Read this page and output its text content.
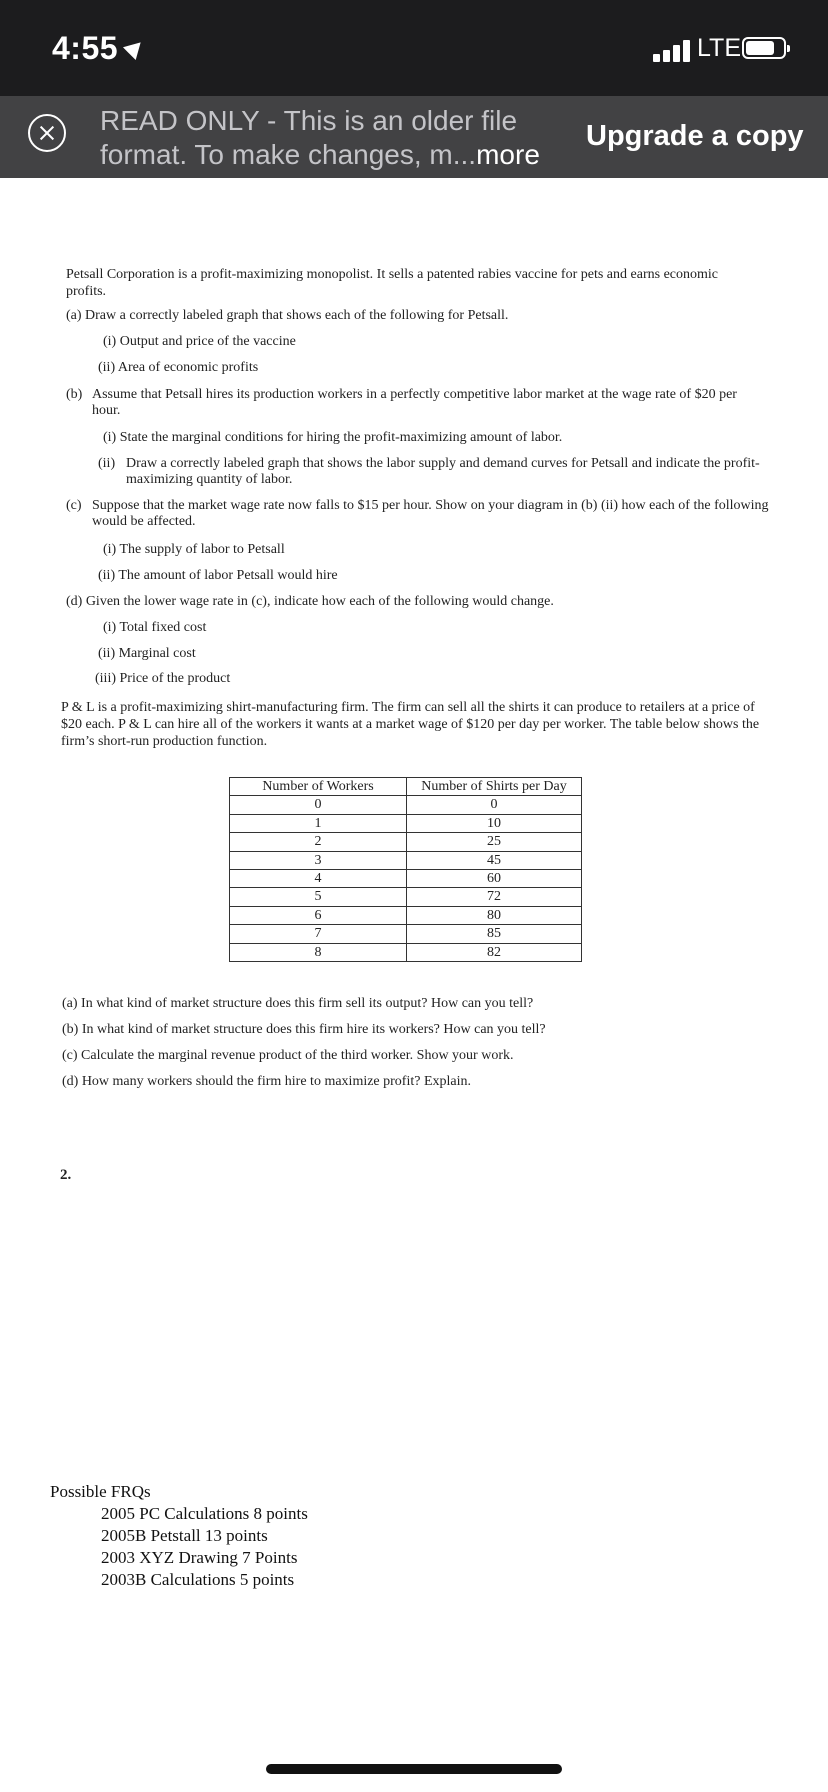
4:55	LTE
READ ONLY - This is an older file
format. To make changes, m...more
Upgrade a copy
Petsall Corporation is a profit-maximizing monopolist. It sells a patented rabies vaccine for pets and earns economic profits.
(a) Draw a correctly labeled graph that shows each of the following for Petsall.
(i) Output and price of the vaccine
(ii) Area of economic profits
(b) Assume that Petsall hires its production workers in a perfectly competitive labor market at the wage rate of $20 per hour.
(i) State the marginal conditions for hiring the profit-maximizing amount of labor.
(ii) Draw a correctly labeled graph that shows the labor supply and demand curves for Petsall and indicate the profit-maximizing quantity of labor.
(c) Suppose that the market wage rate now falls to $15 per hour. Show on your diagram in (b) (ii) how each of the following would be affected.
(i) The supply of labor to Petsall
(ii) The amount of labor Petsall would hire
(d) Given the lower wage rate in (c), indicate how each of the following would change.
(i) Total fixed cost
(ii) Marginal cost
(iii) Price of the product
P & L is a profit-maximizing shirt-manufacturing firm. The firm can sell all the shirts it can produce to retailers at a price of $20 each. P & L can hire all of the workers it wants at a market wage of $120 per day per worker. The table below shows the firm’s short-run production function.
Number of Workers	Number of Shirts per Day
0	0
1	10
2	25
3	45
4	60
5	72
6	80
7	85
8	82
(a) In what kind of market structure does this firm sell its output? How can you tell?
(b) In what kind of market structure does this firm hire its workers? How can you tell?
(c) Calculate the marginal revenue product of the third worker. Show your work.
(d) How many workers should the firm hire to maximize profit? Explain.
2.
Possible FRQs
2005 PC Calculations 8 points
2005B Petstall 13 points
2003 XYZ Drawing 7 Points
2003B Calculations 5 points
